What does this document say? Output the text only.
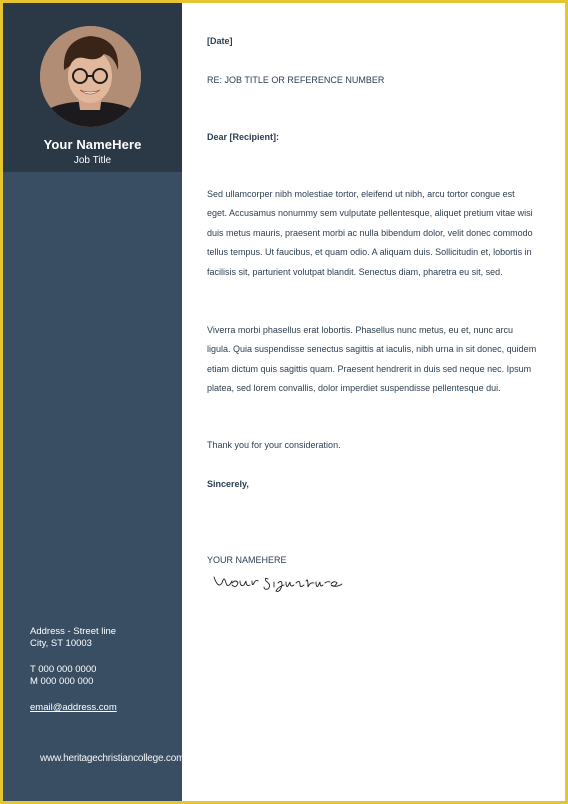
Your NameHere
Job Title
Address - Street line
City, ST 10003
T 000 000 0000
M 000 000 000
email@address.com
www.heritagechristiancollege.com
[Date]
RE: JOB TITLE OR REFERENCE NUMBER
Dear [Recipient]:
Sed ullamcorper nibh molestiae tortor, eleifend ut nibh, arcu tortor congue est eget. Accusamus nonummy sem vulputate pellentesque, aliquet pretium vitae wisi duis metus mauris, praesent morbi ac nulla bibendum dolor, velit donec commodo tellus tempus. Ut faucibus, et quam odio. A aliquam duis. Sollicitudin et, lobortis in facilisis sit, parturient volutpat blandit. Senectus diam, pharetra eu sit, sed.
Viverra morbi phasellus erat lobortis. Phasellus nunc metus, eu et, nunc arcu ligula. Quia suspendisse senectus sagittis at iaculis, nibh urna in sit donec, quidem etiam dictum quis sagittis quam. Praesent hendrerit in duis sed neque nec. Ipsum platea, sed lorem convallis, dolor imperdiet suspendisse pellentesque dui.
Thank you for your consideration.
Sincerely,
YOUR NAMEHERE
